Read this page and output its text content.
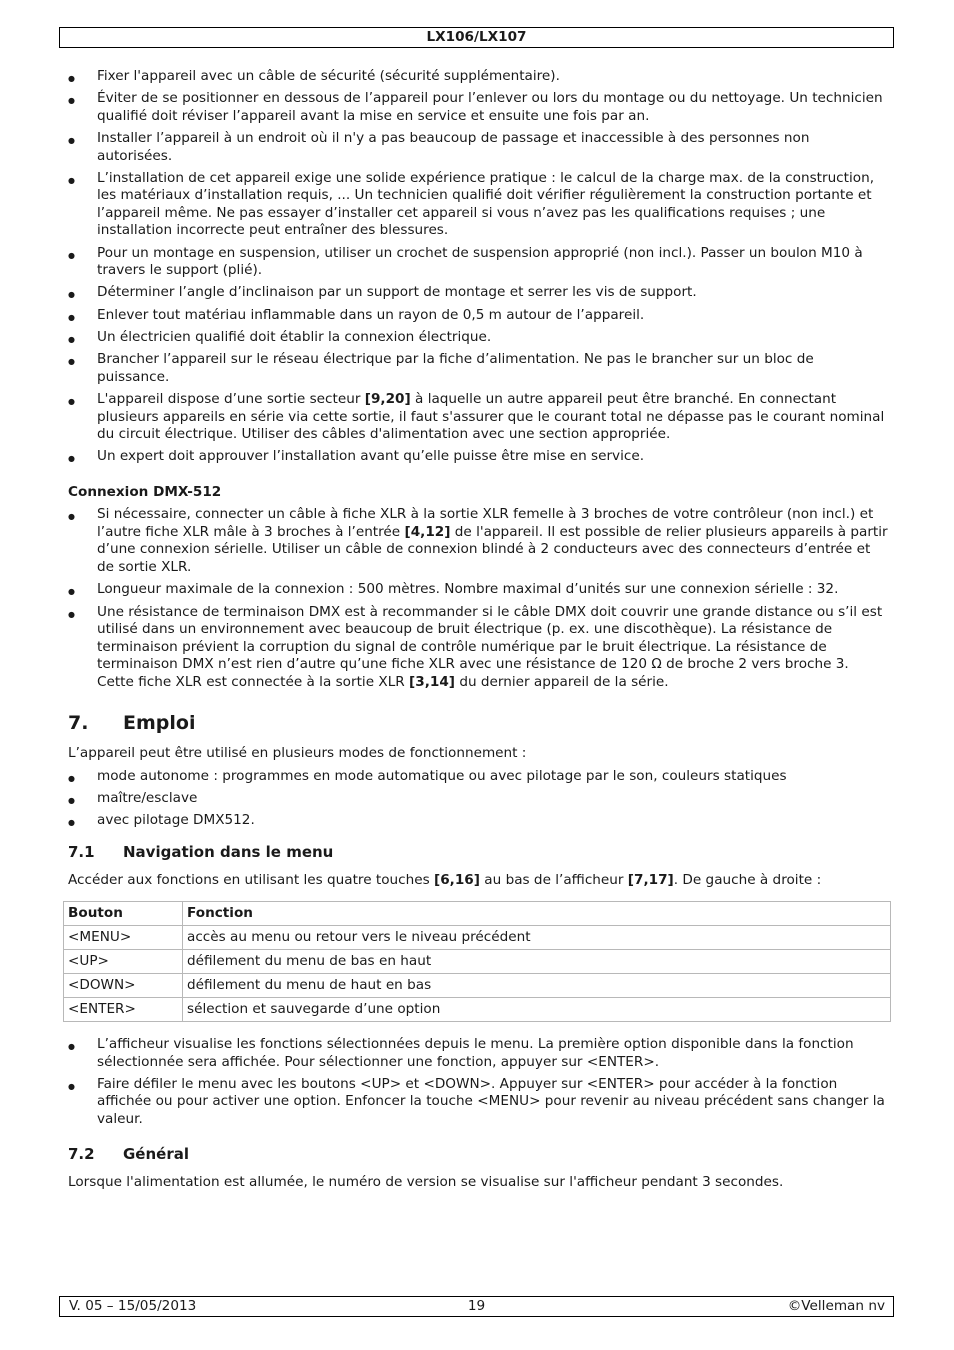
LX106/LX107
● Fixer l'appareil avec un câble de sécurité (sécurité supplémentaire).
● Éviter de se positionner en dessous de l’appareil pour l’enlever ou lors du montage ou du nettoyage. Un technicien qualifié doit réviser l’appareil avant la mise en service et ensuite une fois par an.
● Installer l’appareil à un endroit où il n'y a pas beaucoup de passage et inaccessible à des personnes non autorisées.
● L’installation de cet appareil exige une solide expérience pratique : le calcul de la charge max. de la construction, les matériaux d’installation requis, ... Un technicien qualifié doit vérifier régulièrement la construction portante et l’appareil même. Ne pas essayer d’installer cet appareil si vous n’avez pas les qualifications requises ; une installation incorrecte peut entraîner des blessures.
● Pour un montage en suspension, utiliser un crochet de suspension approprié (non incl.). Passer un boulon M10 à travers le support (plié).
● Déterminer l’angle d’inclinaison par un support de montage et serrer les vis de support.
● Enlever tout matériau inflammable dans un rayon de 0,5 m autour de l’appareil.
● Un électricien qualifié doit établir la connexion électrique.
● Brancher l’appareil sur le réseau électrique par la fiche d’alimentation. Ne pas le brancher sur un bloc de puissance.
● L'appareil dispose d’une sortie secteur [9,20] à laquelle un autre appareil peut être branché. En connectant plusieurs appareils en série via cette sortie, il faut s'assurer que le courant total ne dépasse pas le courant nominal du circuit électrique. Utiliser des câbles d'alimentation avec une section appropriée.
● Un expert doit approuver l’installation avant qu’elle puisse être mise en service.
Connexion DMX-512
● Si nécessaire, connecter un câble à fiche XLR à la sortie XLR femelle à 3 broches de votre contrôleur (non incl.) et l’autre fiche XLR mâle à 3 broches à l’entrée [4,12] de l'appareil. Il est possible de relier plusieurs appareils à partir d’une connexion sérielle. Utiliser un câble de connexion blindé à 2 conducteurs avec des connecteurs d’entrée et de sortie XLR.
● Longueur maximale de la connexion : 500 mètres. Nombre maximal d’unités sur une connexion sérielle : 32.
● Une résistance de terminaison DMX est à recommander si le câble DMX doit couvrir une grande distance ou s’il est utilisé dans un environnement avec beaucoup de bruit électrique (p. ex. une discothèque). La résistance de terminaison prévient la corruption du signal de contrôle numérique par le bruit électrique. La résistance de terminaison DMX n’est rien d’autre qu’une fiche XLR avec une résistance de 120 Ω de broche 2 vers broche 3. Cette fiche XLR est connectée à la sortie XLR [3,14] du dernier appareil de la série.
7.	Emploi

L’appareil peut être utilisé en plusieurs modes de fonctionnement :

● mode autonome : programmes en mode automatique ou avec pilotage par le son, couleurs statiques
● maître/esclave
● avec pilotage DMX512.
7.1	Navigation dans le menu

Accéder aux fonctions en utilisant les quatre touches [6,16] au bas de l’afficheur [7,17]. De gauche à droite :

Bouton	Fonction
<MENU>	accès au menu ou retour vers le niveau précédent
<UP>	défilement du menu de bas en haut
<DOWN>	défilement du menu de haut en bas
<ENTER>	sélection et sauvegarde d’une option
● L’afficheur visualise les fonctions sélectionnées depuis le menu. La première option disponible dans la fonction sélectionnée sera affichée. Pour sélectionner une fonction, appuyer sur <ENTER>.
● Faire défiler le menu avec les boutons <UP> et <DOWN>. Appuyer sur <ENTER> pour accéder à la fonction affichée ou pour activer une option. Enfoncer la touche <MENU> pour revenir au niveau précédent sans changer la valeur.
7.2	Général

Lorsque l'alimentation est allumée, le numéro de version se visualise sur l'afficheur pendant 3 secondes.

V. 05 – 15/05/2013	19	©Velleman nv
